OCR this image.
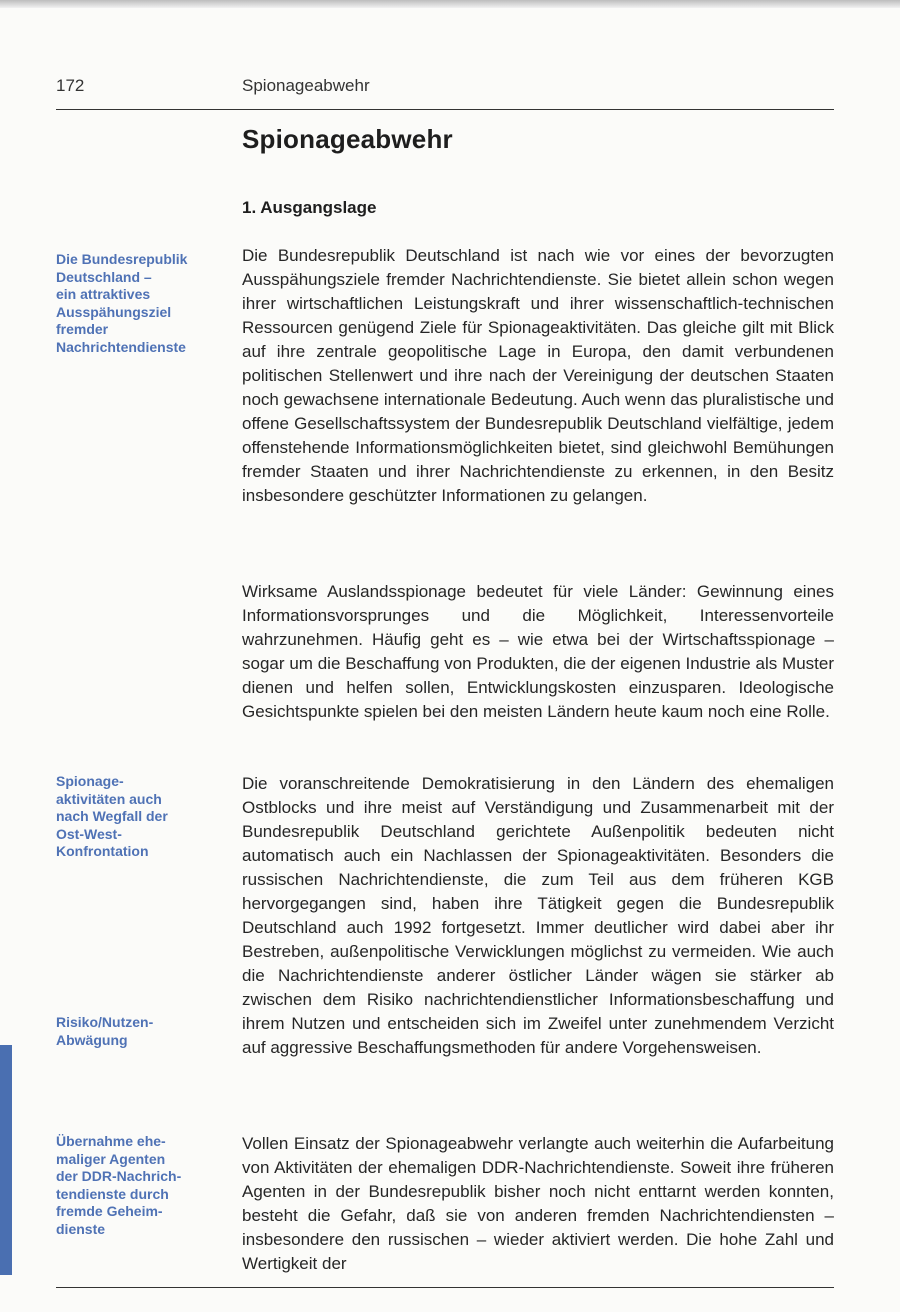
172	Spionageabwehr
Spionageabwehr
1. Ausgangslage

Die Bundesrepublik
Deutschland –
ein attraktives
Ausspähungsziel
fremder
Nachrichtendienste

Spionage-
aktivitäten auch
nach Wegfall der
Ost-West-
Konfrontation

Risiko/Nutzen-
Abwägung

Übernahme ehe-
maliger Agenten
der DDR-Nachrich-
tendienste durch
fremde Geheim-
dienste

Die Bundesrepublik Deutschland ist nach wie vor eines der bevorzugten Ausspähungsziele fremder Nachrichtendienste. Sie bietet allein schon wegen ihrer wirtschaftlichen Leistungskraft und ihrer wissenschaftlich-technischen Ressourcen genügend Ziele für Spionageaktivitäten. Das gleiche gilt mit Blick auf ihre zentrale geopolitische Lage in Europa, den damit verbundenen politischen Stellenwert und ihre nach der Vereinigung der deutschen Staaten noch gewachsene internationale Bedeutung. Auch wenn das pluralistische und offene Gesellschaftssystem der Bundesrepublik Deutschland vielfältige, jedem offenstehende Informationsmöglichkeiten bietet, sind gleichwohl Bemühungen fremder Staaten und ihrer Nachrichtendienste zu erkennen, in den Besitz insbesondere geschützter Informationen zu gelangen.

Wirksame Auslandsspionage bedeutet für viele Länder: Gewinnung eines Informationsvorsprunges und die Möglichkeit, Interessenvorteile wahrzunehmen. Häufig geht es – wie etwa bei der Wirtschaftsspionage – sogar um die Beschaffung von Produkten, die der eigenen Industrie als Muster dienen und helfen sollen, Entwicklungskosten einzusparen. Ideologische Gesichtspunkte spielen bei den meisten Ländern heute kaum noch eine Rolle.

Die voranschreitende Demokratisierung in den Ländern des ehemaligen Ostblocks und ihre meist auf Verständigung und Zusammenarbeit mit der Bundesrepublik Deutschland gerichtete Außenpolitik bedeuten nicht automatisch auch ein Nachlassen der Spionageaktivitäten. Besonders die russischen Nachrichtendienste, die zum Teil aus dem früheren KGB hervorgegangen sind, haben ihre Tätigkeit gegen die Bundesrepublik Deutschland auch 1992 fortgesetzt. Immer deutlicher wird dabei aber ihr Bestreben, außenpolitische Verwicklungen möglichst zu vermeiden. Wie auch die Nachrichtendienste anderer östlicher Länder wägen sie stärker ab zwischen dem Risiko nachrichtendienstlicher Informationsbeschaffung und ihrem Nutzen und entscheiden sich im Zweifel unter zunehmendem Verzicht auf aggressive Beschaffungsmethoden für andere Vorgehensweisen.

Vollen Einsatz der Spionageabwehr verlangte auch weiterhin die Aufarbeitung von Aktivitäten der ehemaligen DDR-Nachrichtendienste. Soweit ihre früheren Agenten in der Bundesrepublik bisher noch nicht enttarnt werden konnten, besteht die Gefahr, daß sie von anderen fremden Nachrichtendiensten – insbesondere den russischen – wieder aktiviert werden. Die hohe Zahl und Wertigkeit der
